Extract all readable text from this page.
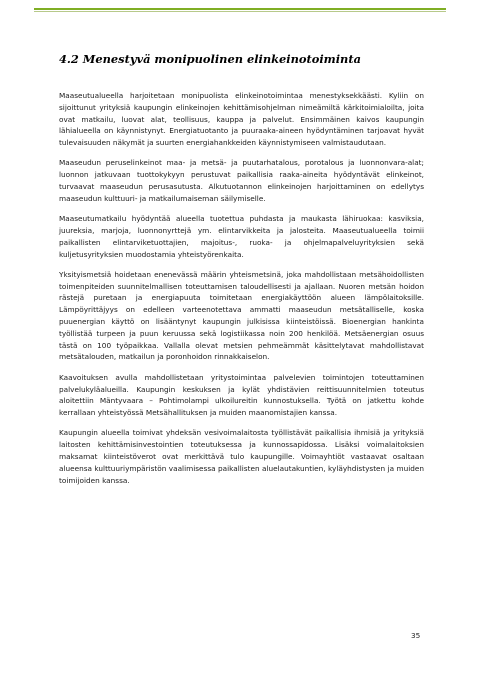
4.2 Menestyvä monipuolinen elinkeinotoiminta

Maaseutualueella harjoitetaan monipuolista elinkeinotoimintaa menestyksekkäästi. Kyliin on sijoittunut yrityksiä kaupungin elinkeinojen kehittämisohjelman nimeämiltä kärkitoimialoilta, joita ovat matkailu, luovat alat, teollisuus, kauppa ja palvelut. Ensimmäinen kaivos kaupungin lähialueella on käynnistynyt. Energiatuotanto ja puuraaka-aineen hyödyntäminen tarjoavat hyvät tulevaisuuden näkymät ja suurten energiahankkeiden käynnistymiseen valmistaudutaan.

Maaseudun peruselinkeinot maa- ja metsä- ja puutarhatalous, porotalous ja luonnonvara-alat; luonnon jatkuvaan tuottokykyyn perustuvat paikallisia raaka-aineita hyödyntävät elinkeinot, turvaavat maaseudun perusasutusta. Alkutuotannon elinkeinojen harjoittaminen on edellytys maaseudun kulttuuri- ja matkailumaiseman säilymiselle.

Maaseutumatkailu hyödyntää alueella tuotettua puhdasta ja maukasta lähiruokaa: kasviksia, juureksia, marjoja, luonnonyrttejä ym. elintarvikkeita ja jalosteita. Maaseutualueella toimii paikallisten elintarviketuottajien, majoitus-, ruoka- ja ohjelmapalveluyrityksien sekä kuljetusyrityksien muodostamia yhteistyörenkaita.

Yksityismetsiä hoidetaan enenevässä määrin yhteismetsinä, joka mahdollistaan metsähoidollisten toimenpiteiden suunnitelmallisen toteuttamisen taloudellisesti ja ajallaan. Nuoren metsän hoidon rästejä puretaan ja energiapuuta toimitetaan energiakäyttöön alueen lämpölaitoksille. Lämpöyrittäjyys on edelleen varteenotettava ammatti maaseudun metsätalliselle, koska puuenergian käyttö on lisääntynyt kaupungin julkisissa kiinteistöissä. Bioenergian hankinta työllistää turpeen ja puun keruussa sekä logistiikassa noin 200 henkilöä. Metsäenergian osuus tästä on 100 työpaikkaa. Vallalla olevat metsien pehmeämmät käsittelytavat mahdollistavat metsätalouden, matkailun ja poronhoidon rinnakkaiselon.

Kaavoituksen avulla mahdollistetaan yritystoimintaa palvelevien toimintojen toteuttaminen palvelukyläalueilla. Kaupungin keskuksen ja kylät yhdistävien reittisuunnitelmien toteutus aloitettiin Mäntyvaara – Pohtimolampi ulkoilureitin kunnostuksella. Työtä on jatkettu kohde kerrallaan yhteistyössä Metsähallituksen ja muiden maanomistajien kanssa.

Kaupungin alueella toimivat yhdeksän vesivoimalaitosta työllistävät paikallisia ihmisiä ja yrityksiä laitosten kehittämisinvestointien toteutuksessa ja kunnossapidossa. Lisäksi voimalaitoksien maksamat kiinteistöverot ovat merkittävä tulo kaupungille. Voimayhtiöt vastaavat osaltaan alueensa kulttuuriympäristön vaalimisessa paikallisten aluelautakuntien, kyläyhdistysten ja muiden toimijoiden kanssa.

35
